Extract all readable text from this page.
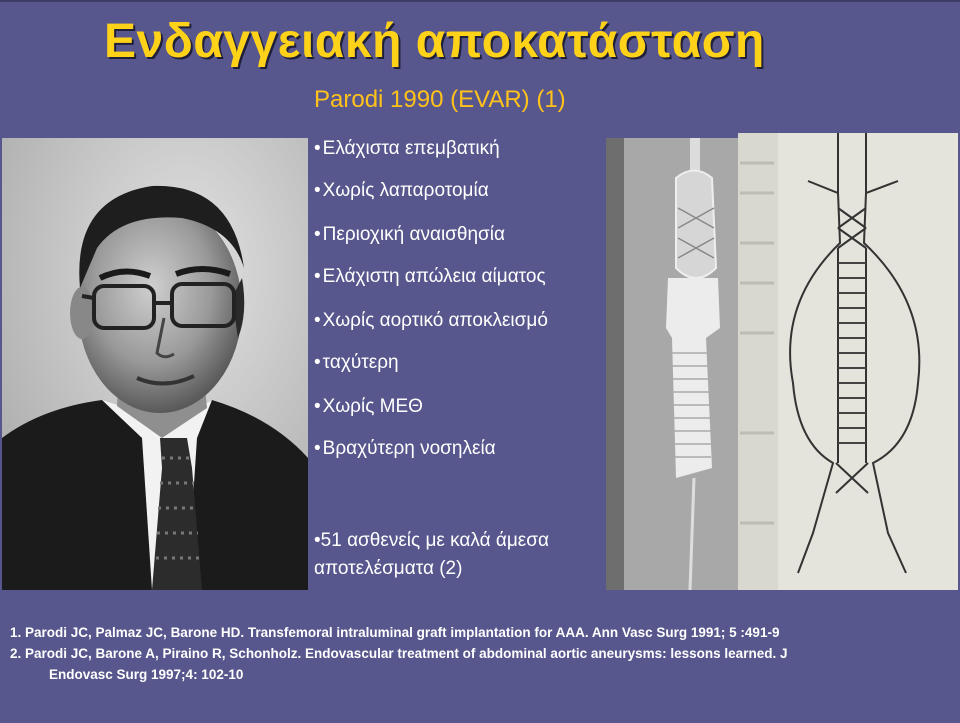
Ενδαγγειακή αποκατάσταση
Parodi 1990 (EVAR) (1)
• Ελάχιστα επεμβατική
• Χωρίς λαπαροτομία
• Περιοχική αναισθησία
• Ελάχιστη απώλεια αίματος
• Χωρίς αορτικό αποκλεισμό
• ταχύτερη
• Χωρίς ΜΕΘ
• Βραχύτερη νοσηλεία
•51 ασθενείς με καλά άμεσα
αποτελέσματα (2)
1. Parodi JC, Palmaz JC, Barone HD. Transfemoral intraluminal graft implantation for AAA. Ann Vasc Surg 1991; 5 :491-9
2. Parodi JC, Barone A, Piraino R, Schonholz. Endovascular treatment of abdominal aortic aneurysms: lessons learned. J
Endovasc Surg 1997;4: 102-10
